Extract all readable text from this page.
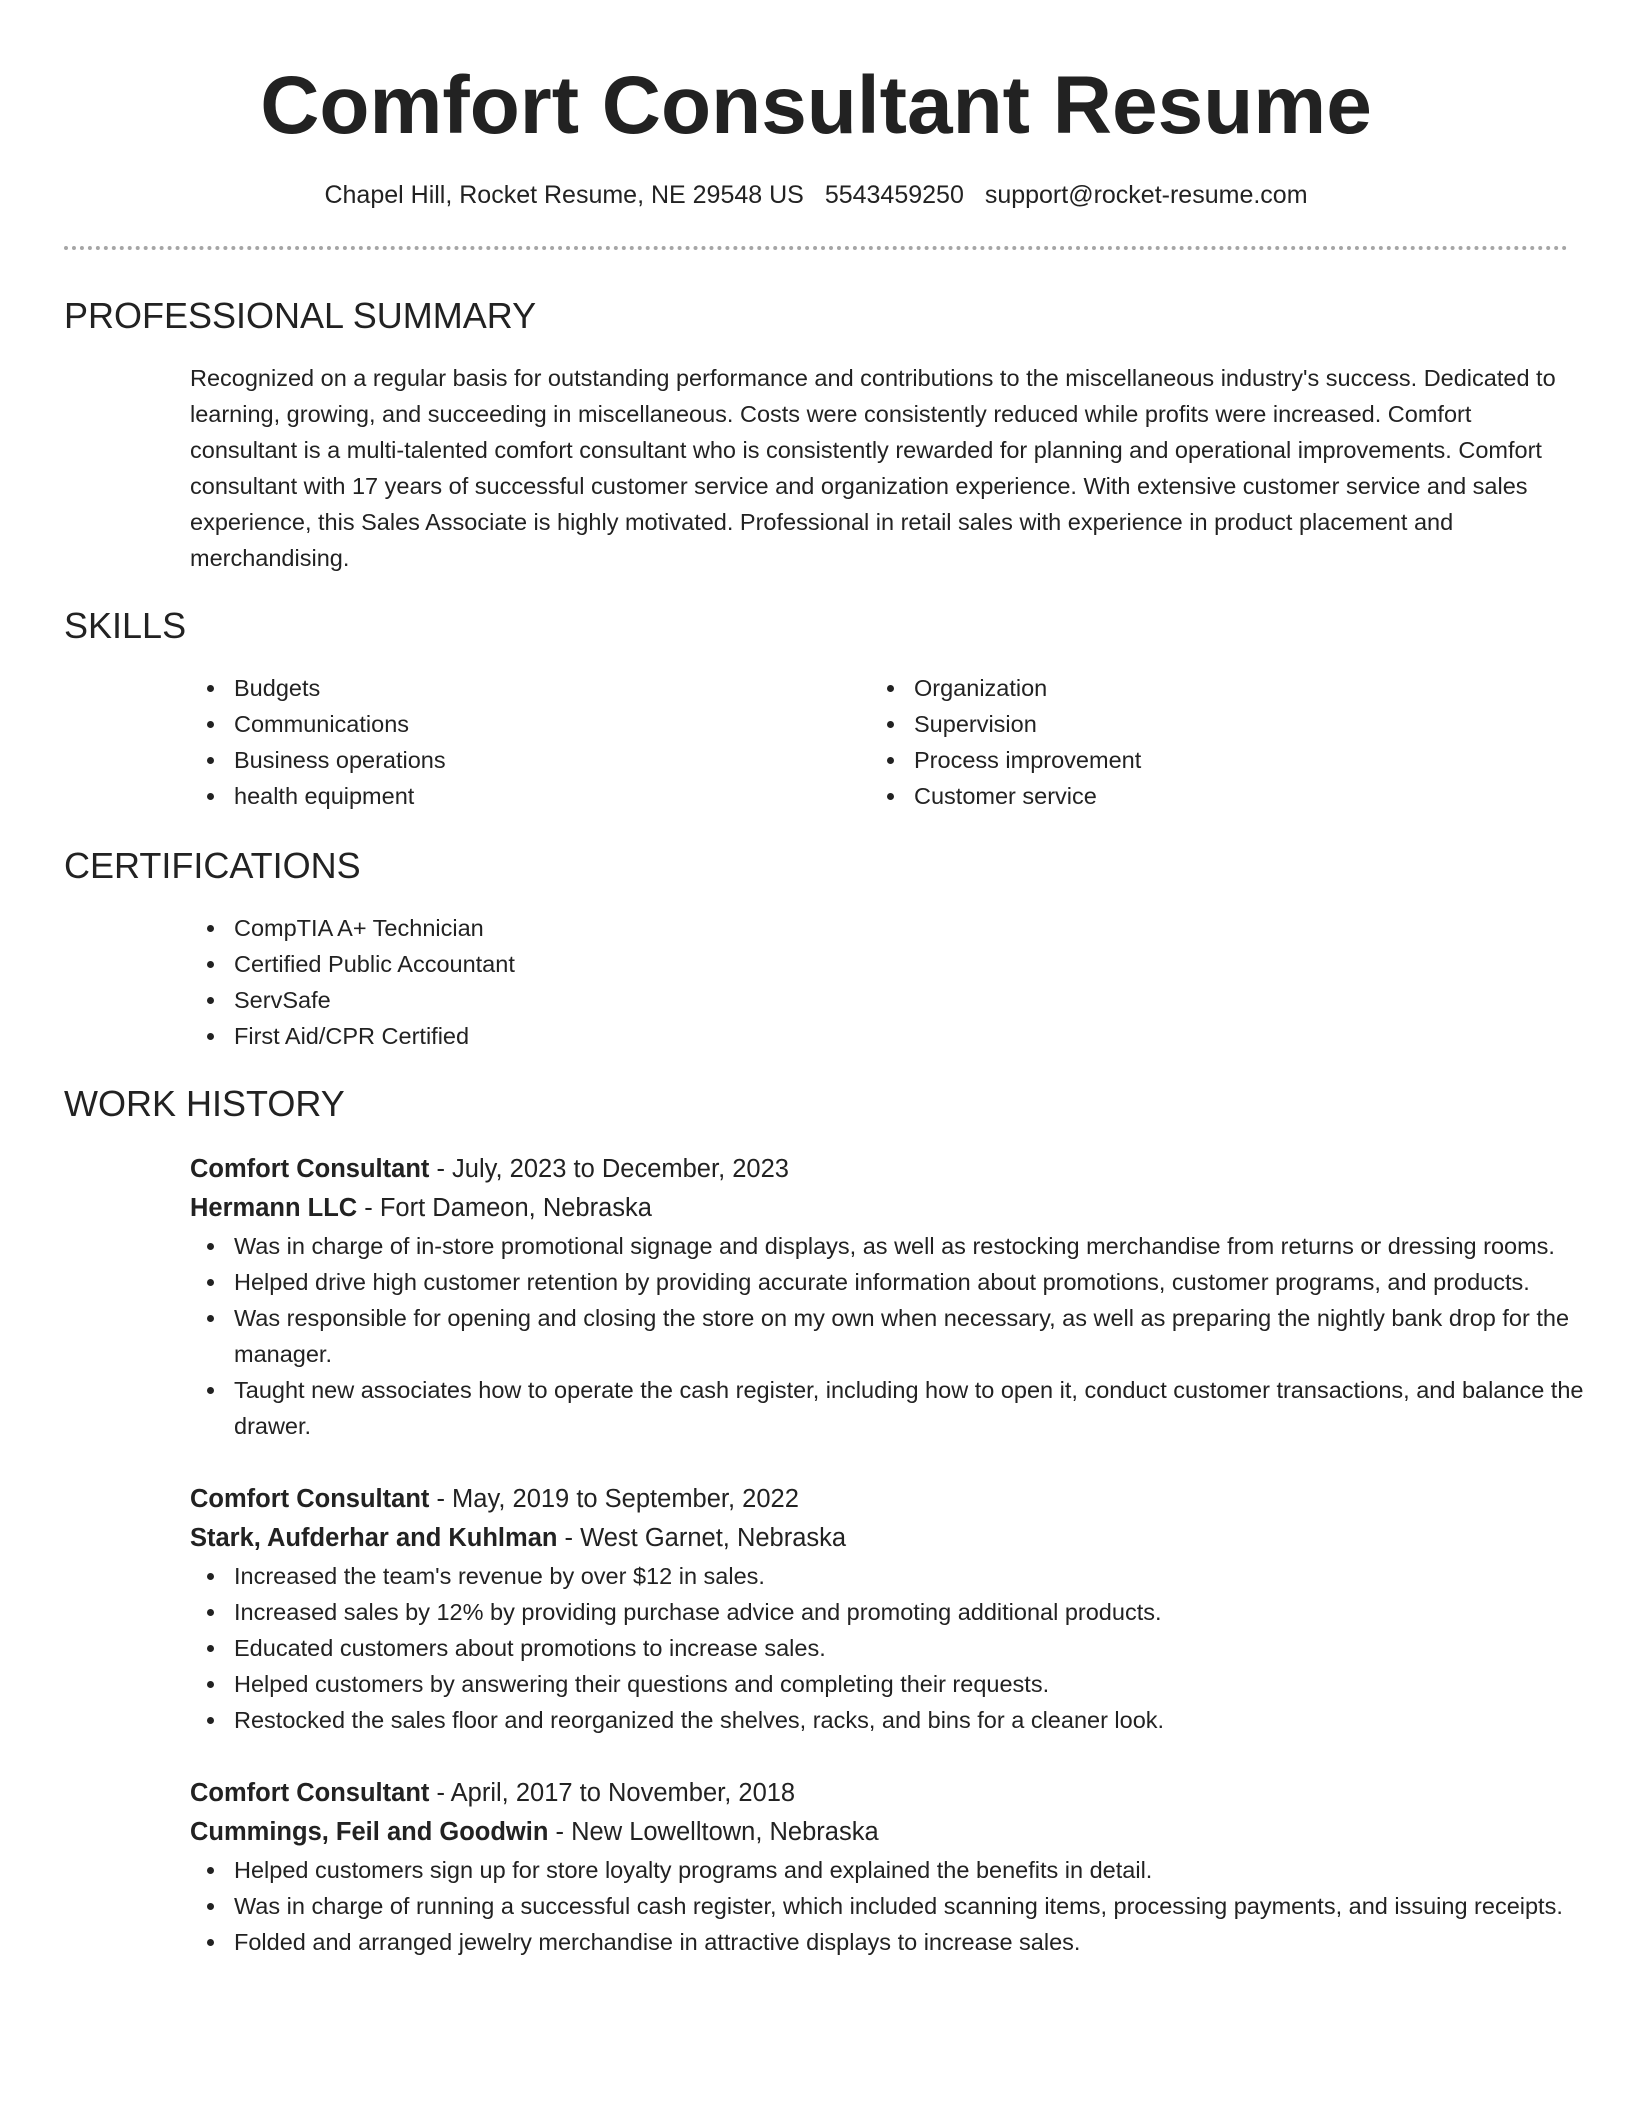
Comfort Consultant Resume
Chapel Hill, Rocket Resume, NE 29548 US 5543459250 support@rocket-resume.com
PROFESSIONAL SUMMARY

Recognized on a regular basis for outstanding performance and contributions to the miscellaneous industry's success. Dedicated to learning, growing, and succeeding in miscellaneous. Costs were consistently reduced while profits were increased. Comfort consultant is a multi-talented comfort consultant who is consistently rewarded for planning and operational improvements. Comfort consultant with 17 years of successful customer service and organization experience. With extensive customer service and sales experience, this Sales Associate is highly motivated. Professional in retail sales with experience in product placement and merchandising.

SKILLS
Budgets
Communications
Business operations
health equipment
Organization
Supervision
Process improvement
Customer service
CERTIFICATIONS
CompTIA A+ Technician
Certified Public Accountant
ServSafe
First Aid/CPR Certified
WORK HISTORY
Comfort Consultant - July, 2023 to December, 2023
Hermann LLC - Fort Dameon, Nebraska
Was in charge of in-store promotional signage and displays, as well as restocking merchandise from returns or dressing rooms.
Helped drive high customer retention by providing accurate information about promotions, customer programs, and products.
Was responsible for opening and closing the store on my own when necessary, as well as preparing the nightly bank drop for the manager.
Taught new associates how to operate the cash register, including how to open it, conduct customer transactions, and balance the drawer.
Comfort Consultant - May, 2019 to September, 2022
Stark, Aufderhar and Kuhlman - West Garnet, Nebraska
Increased the team's revenue by over $12 in sales.
Increased sales by 12% by providing purchase advice and promoting additional products.
Educated customers about promotions to increase sales.
Helped customers by answering their questions and completing their requests.
Restocked the sales floor and reorganized the shelves, racks, and bins for a cleaner look.
Comfort Consultant - April, 2017 to November, 2018
Cummings, Feil and Goodwin - New Lowelltown, Nebraska
Helped customers sign up for store loyalty programs and explained the benefits in detail.
Was in charge of running a successful cash register, which included scanning items, processing payments, and issuing receipts.
Folded and arranged jewelry merchandise in attractive displays to increase sales.
